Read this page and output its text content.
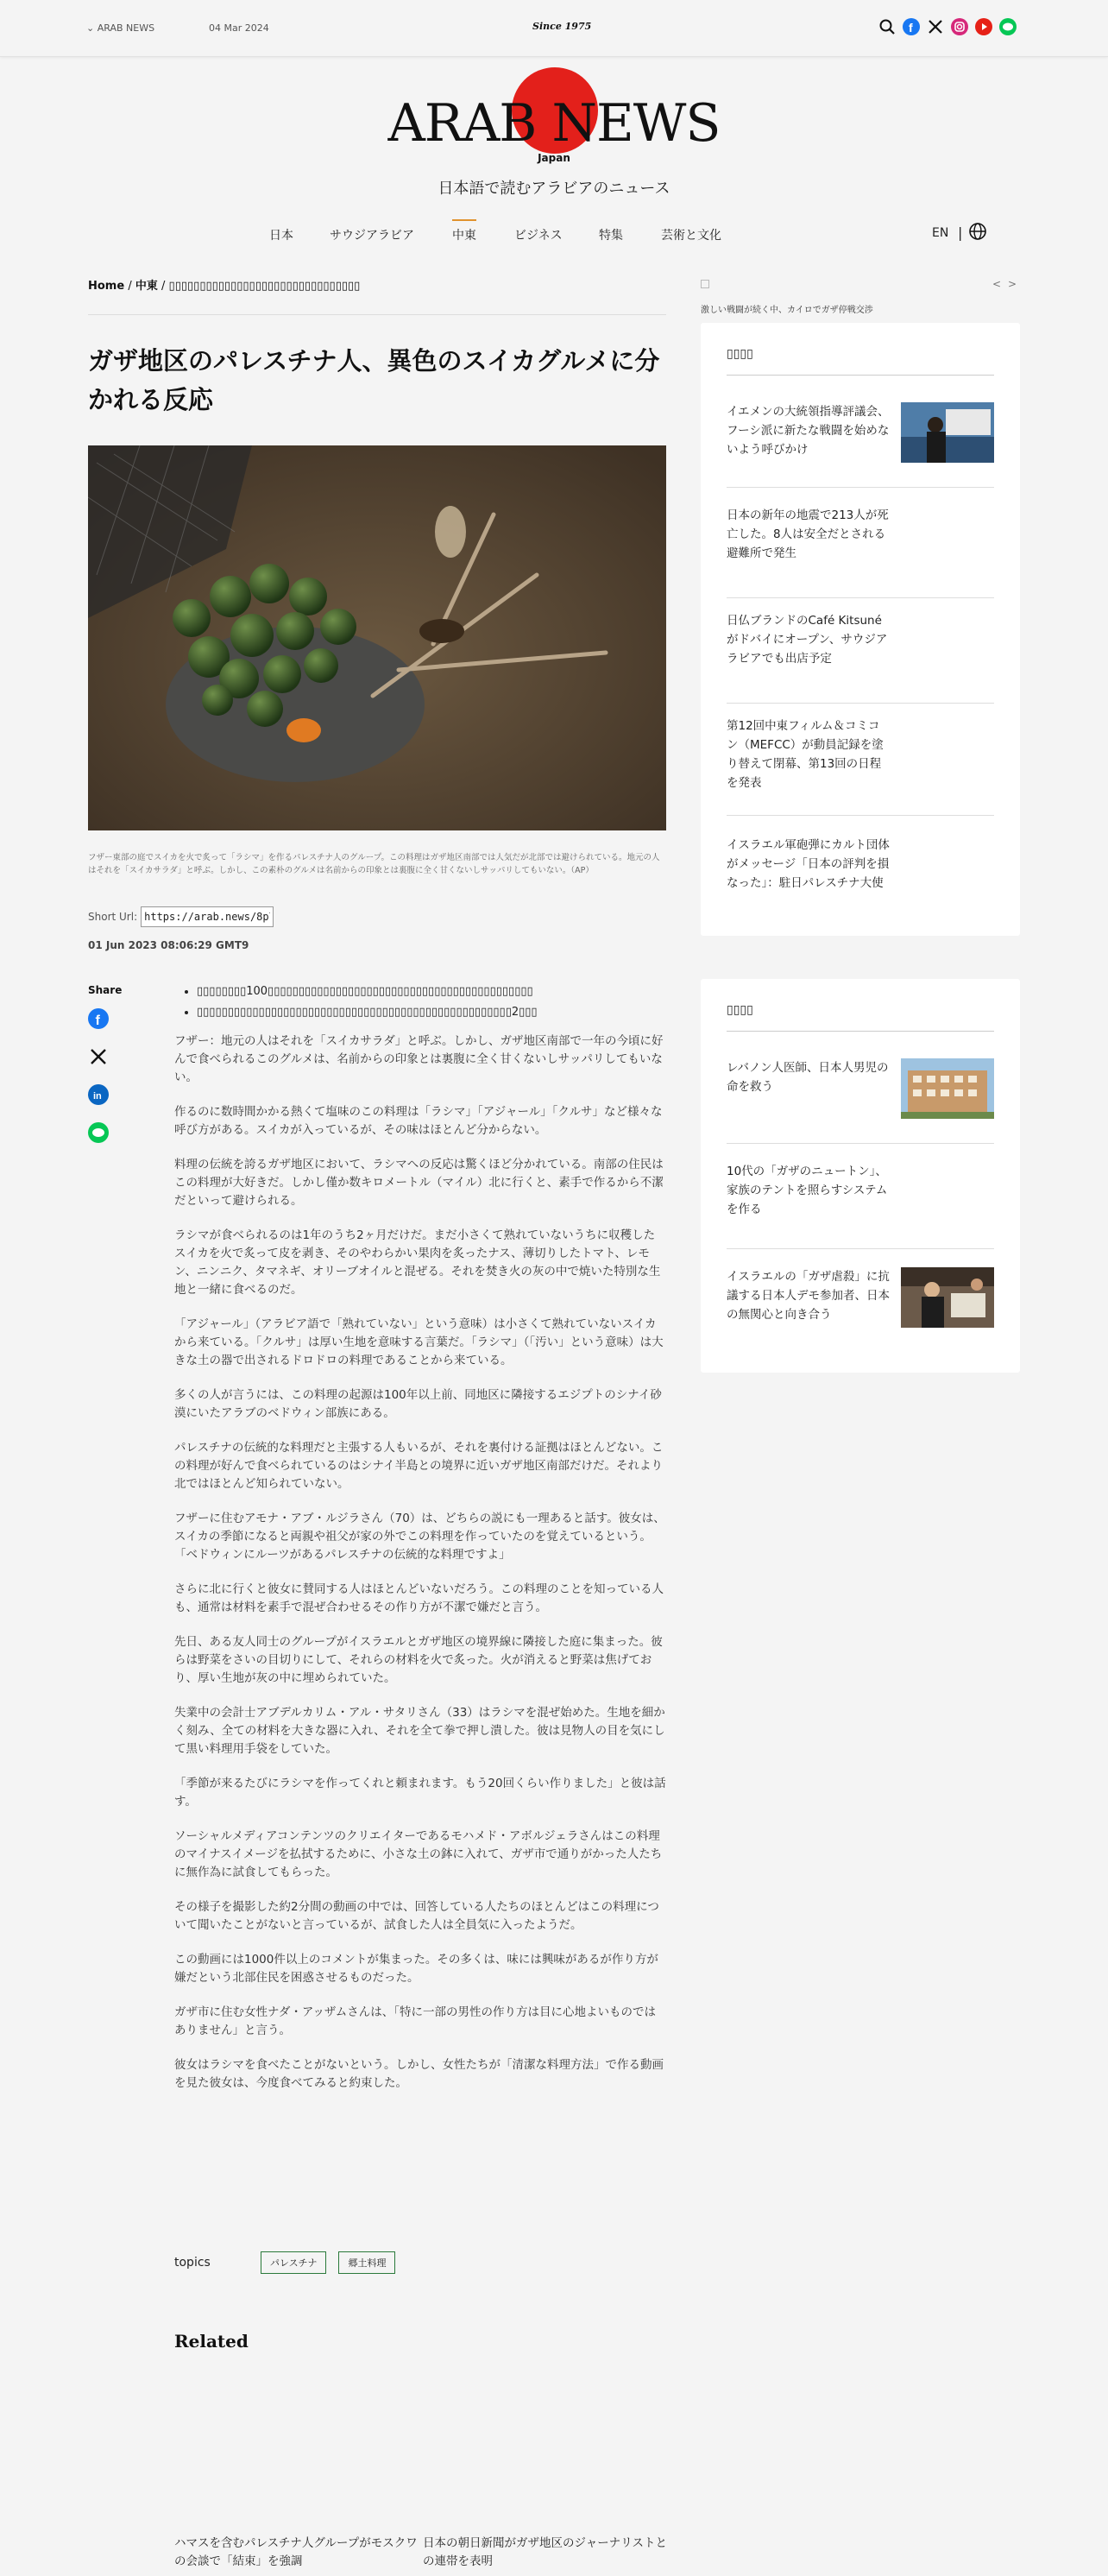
⌄ ARAB NEWS	04 Mar 2024	Since 1975	f
ARAB NEWS
Japan
日本語で読むアラビアのニュース
日本	サウジアラビア	中東	ビジネス	特集	芸術と文化	EN |
Home / 中東 / ▯▯▯▯▯▯▯▯▯▯▯▯▯▯▯▯▯▯▯▯▯▯▯▯▯▯▯▯▯▯▯
ガザ地区のパレスチナ人、異色のスイカグルメに分かれる反応
フザー東部の庭でスイカを火で炙って「ラシマ」を作るパレスチナ人のグループ。この料理はガザ地区南部では人気だが北部では避けられている。地元の人はそれを「スイカサラダ」と呼ぶ。しかし、この素朴のグルメは名前からの印象とは裏腹に全く甘くないしサッパリしてもいない。（AP）
Short Url:
https://arab.news/8p7ut
01 Jun 2023 08:06:29 GMT9
Share
f
in
• ▯▯▯▯▯▯▯▯100▯▯▯▯▯▯▯▯▯▯▯▯▯▯▯▯▯▯▯▯▯▯▯▯▯▯▯▯▯▯▯▯▯▯▯▯▯▯▯▯▯▯▯
• ▯▯▯▯▯▯▯▯▯▯▯▯▯▯▯▯▯▯▯▯▯▯▯▯▯▯▯▯▯▯▯▯▯▯▯▯▯▯▯▯▯▯▯▯▯▯▯▯▯▯▯2▯▯▯

フザー：地元の人はそれを「スイカサラダ」と呼ぶ。しかし、ガザ地区南部で一年の今頃に好んで食べられるこのグルメは、名前からの印象とは裏腹に全く甘くないしサッパリしてもいない。

作るのに数時間かかる熱くて塩味のこの料理は「ラシマ」「アジャール」「クルサ」など様々な呼び方がある。スイカが入っているが、その味はほとんど分からない。

料理の伝統を誇るガザ地区において、ラシマへの反応は驚くほど分かれている。南部の住民はこの料理が大好きだ。しかし僅か数キロメートル（マイル）北に行くと、素手で作るから不潔だといって避けられる。

ラシマが食べられるのは1年のうち2ヶ月だけだ。まだ小さくて熟れていないうちに収穫したスイカを火で炙って皮を剥き、そのやわらかい果肉を炙ったナス、薄切りしたトマト、レモン、ニンニク、タマネギ、オリーブオイルと混ぜる。それを焚き火の灰の中で焼いた特別な生地と一緒に食べるのだ。

「アジャール」（アラビア語で「熟れていない」という意味）は小さくて熟れていないスイカから来ている。「クルサ」は厚い生地を意味する言葉だ。「ラシマ」（「汚い」という意味）は大きな土の器で出されるドロドロの料理であることから来ている。

多くの人が言うには、この料理の起源は100年以上前、同地区に隣接するエジプトのシナイ砂漠にいたアラブのベドウィン部族にある。

パレスチナの伝統的な料理だと主張する人もいるが、それを裏付ける証拠はほとんどない。この料理が好んで食べられているのはシナイ半島との境界に近いガザ地区南部だけだ。それより北ではほとんど知られていない。

フザーに住むアモナ・アブ・ルジラさん（70）は、どちらの説にも一理あると話す。彼女は、スイカの季節になると両親や祖父が家の外でこの料理を作っていたのを覚えているという。「ベドウィンにルーツがあるパレスチナの伝統的な料理ですよ」

さらに北に行くと彼女に賛同する人はほとんどいないだろう。この料理のことを知っている人も、通常は材料を素手で混ぜ合わせるその作り方が不潔で嫌だと言う。

先日、ある友人同士のグループがイスラエルとガザ地区の境界線に隣接した庭に集まった。彼らは野菜をさいの目切りにして、それらの材料を火で炙った。火が消えると野菜は焦げており、厚い生地が灰の中に埋められていた。

失業中の会計士アブデルカリム・アル・サタリさん（33）はラシマを混ぜ始めた。生地を細かく刻み、全ての材料を大きな器に入れ、それを全て拳で押し潰した。彼は見物人の目を気にして黒い料理用手袋をしていた。

「季節が来るたびにラシマを作ってくれと頼まれます。もう20回くらい作りました」と彼は話す。

ソーシャルメディアコンテンツのクリエイターであるモハメド・アボルジェラさんはこの料理のマイナスイメージを払拭するために、小さな土の鉢に入れて、ガザ市で通りがかった人たちに無作為に試食してもらった。

その様子を撮影した約2分間の動画の中では、回答している人たちのほとんどはこの料理について聞いたことがないと言っているが、試食した人は全員気に入ったようだ。

この動画には1000件以上のコメントが集まった。その多くは、味には興味があるが作り方が嫌だという北部住民を困惑させるものだった。

ガザ市に住む女性ナダ・アッザムさんは、「特に一部の男性の作り方は目に心地よいものではありません」と言う。

彼女はラシマを食べたことがないという。しかし、女性たちが「清潔な料理方法」で作る動画を見た彼女は、今度食べてみると約束した。

topics	パレスチナ	郷土料理
Related
ハマスを含むパレスチナ人グループがモスクワの会談で「結束」を強調
日本の朝日新聞がガザ地区のジャーナリストとの連帯を表明
< >
激しい戦闘が続く中、カイロでガザ停戦交渉
▯▯▯▯
イエメンの大統領指導評議会、フーシ派に新たな戦闘を始めないよう呼びかけ
日本の新年の地震で213人が死亡した。8人は安全だとされる避難所で発生
日仏ブランドのCafé Kitsunéがドバイにオープン、サウジアラビアでも出店予定
第12回中東フィルム＆コミコン（MEFCC）が動員記録を塗り替えて閉幕、第13回の日程を発表
イスラエル軍砲弾にカルト団体がメッセージ「日本の評判を損なった」：駐日パレスチナ大使
▯▯▯▯
レバノン人医師、日本人男児の命を救う
10代の「ガザのニュートン」、家族のテントを照らすシステムを作る
イスラエルの「ガザ虐殺」に抗議する日本人デモ参加者、日本の無関心と向き合う
